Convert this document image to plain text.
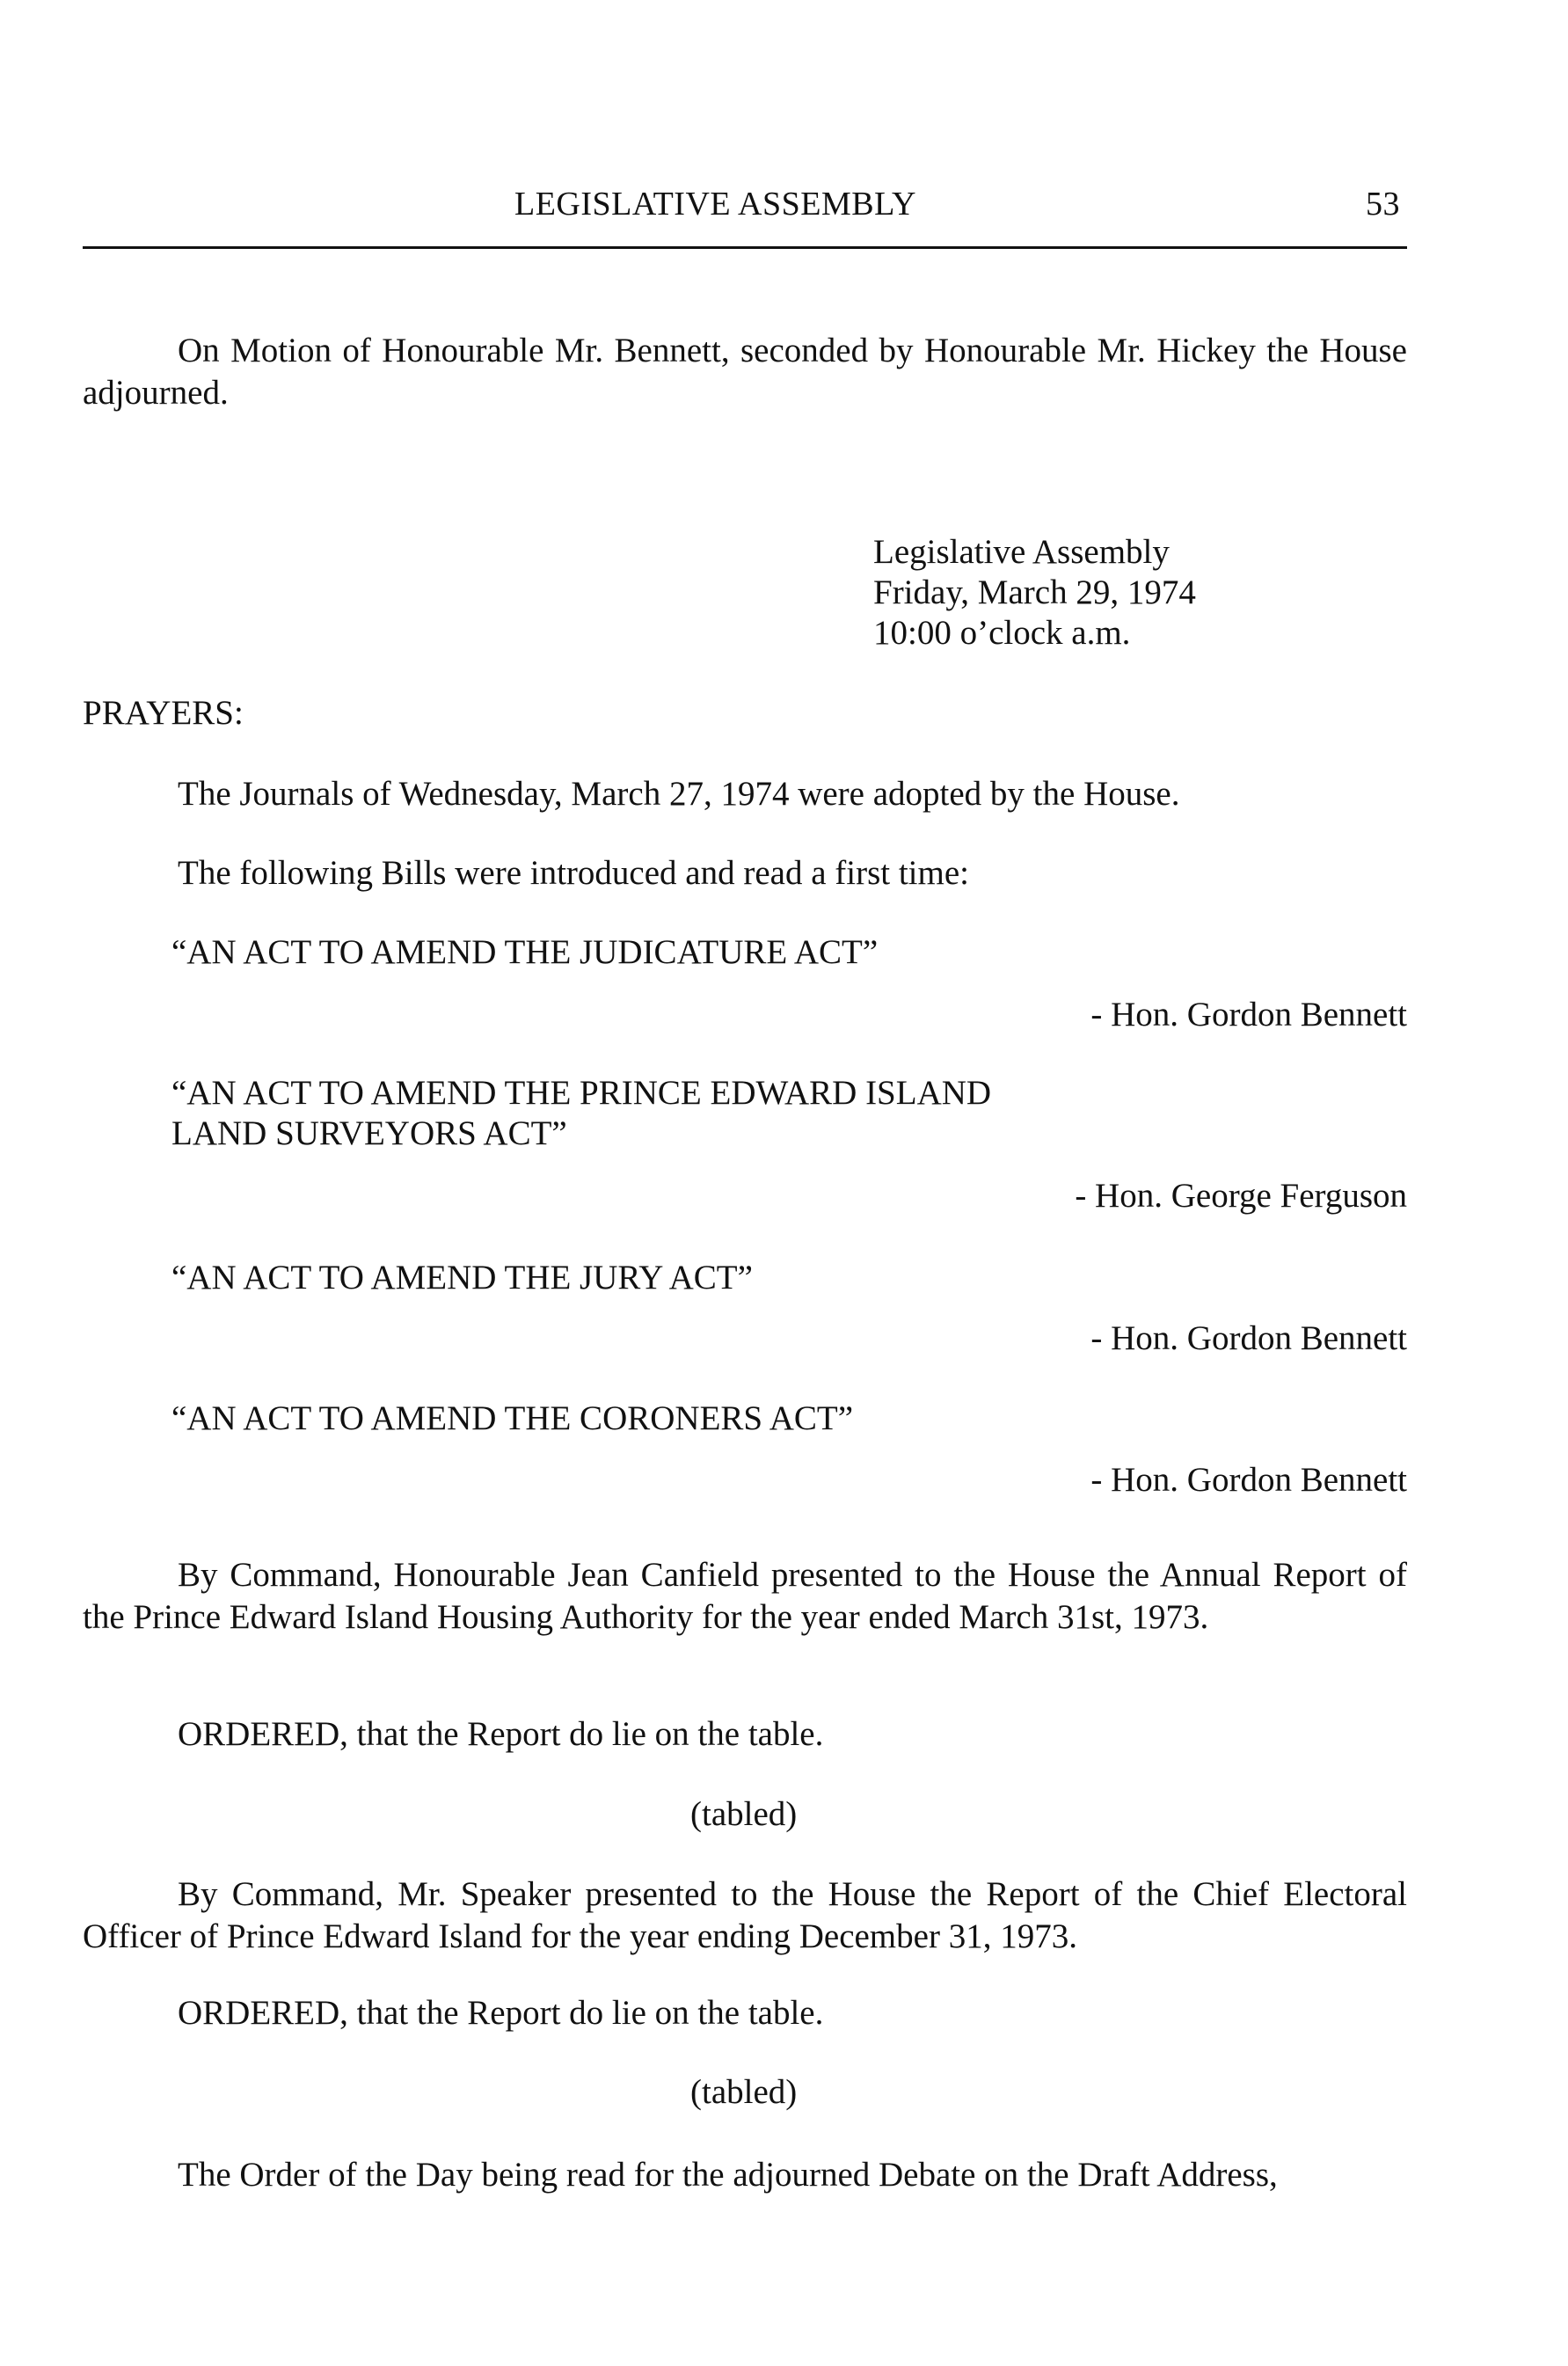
LEGISLATIVE ASSEMBLY	53
On Motion of Honourable Mr. Bennett, seconded by Honourable Mr. Hickey the House adjourned.
Legislative Assembly
Friday, March 29, 1974
10:00 o’clock a.m.
PRAYERS:
The Journals of Wednesday, March 27, 1974 were adopted by the House.
The following Bills were introduced and read a first time:
“AN ACT TO AMEND THE JUDICATURE ACT”
- Hon. Gordon Bennett
“AN ACT TO AMEND THE PRINCE EDWARD ISLAND
LAND SURVEYORS ACT”
- Hon. George Ferguson
“AN ACT TO AMEND THE JURY ACT”
- Hon. Gordon Bennett
“AN ACT TO AMEND THE CORONERS ACT”
- Hon. Gordon Bennett
By Command, Honourable Jean Canfield presented to the House the Annual Report of the Prince Edward Island Housing Authority for the year ended March 31st, 1973.
ORDERED, that the Report do lie on the table.
(tabled)
By Command, Mr. Speaker presented to the House the Report of the Chief Electoral Officer of Prince Edward Island for the year ending December 31, 1973.
ORDERED, that the Report do lie on the table.
(tabled)
The Order of the Day being read for the adjourned Debate on the Draft Address,
